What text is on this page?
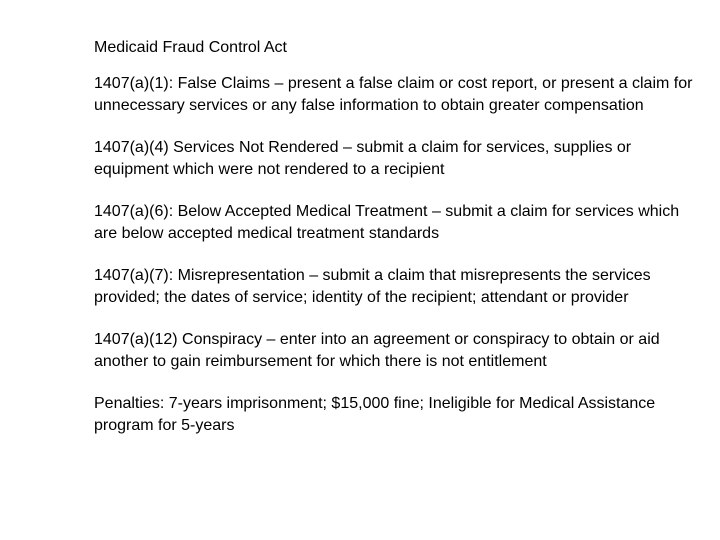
Medicaid Fraud Control Act
1407(a)(1): False Claims – present a false claim or cost report, or present a claim for unnecessary services or any false information to obtain greater compensation
1407(a)(4) Services Not Rendered – submit a claim for services, supplies or equipment which were not rendered to a recipient
1407(a)(6): Below Accepted Medical Treatment – submit a claim for services which are below accepted medical treatment standards
1407(a)(7): Misrepresentation – submit a claim that misrepresents the services provided; the dates of service; identity of the recipient; attendant or provider
1407(a)(12) Conspiracy – enter into an agreement or conspiracy to obtain or aid another to gain reimbursement for which there is not entitlement
Penalties: 7-years imprisonment; $15,000 fine; Ineligible for Medical Assistance program for 5-years
